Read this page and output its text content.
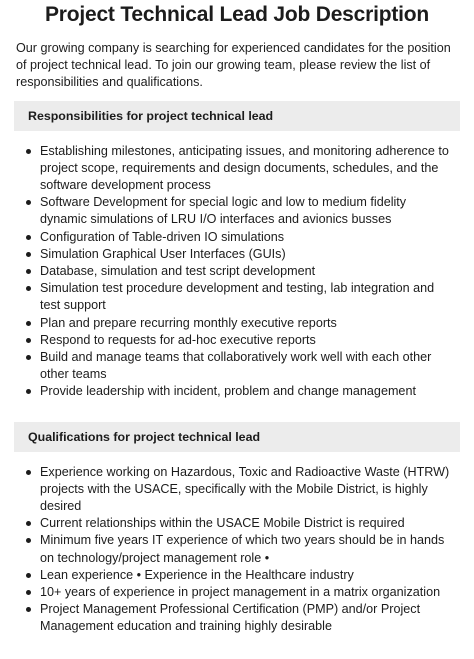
Project Technical Lead Job Description

Our growing company is searching for experienced candidates for the position of project technical lead. To join our growing team, please review the list of responsibilities and qualifications.

Responsibilities for project technical lead
Establishing milestones, anticipating issues, and monitoring adherence to project scope, requirements and design documents, schedules, and the software development process
Software Development for special logic and low to medium fidelity dynamic simulations of LRU I/O interfaces and avionics busses
Configuration of Table-driven IO simulations
Simulation Graphical User Interfaces (GUIs)
Database, simulation and test script development
Simulation test procedure development and testing, lab integration and test support
Plan and prepare recurring monthly executive reports
Respond to requests for ad-hoc executive reports
Build and manage teams that collaboratively work well with each other other teams
Provide leadership with incident, problem and change management
Qualifications for project technical lead
Experience working on Hazardous, Toxic and Radioactive Waste (HTRW) projects with the USACE, specifically with the Mobile District, is highly desired
Current relationships within the USACE Mobile District is required
Minimum five years IT experience of which two years should be in hands on technology/project management role •
Lean experience • Experience in the Healthcare industry
10+ years of experience in project management in a matrix organization
Project Management Professional Certification (PMP) and/or Project Management education and training highly desirable
